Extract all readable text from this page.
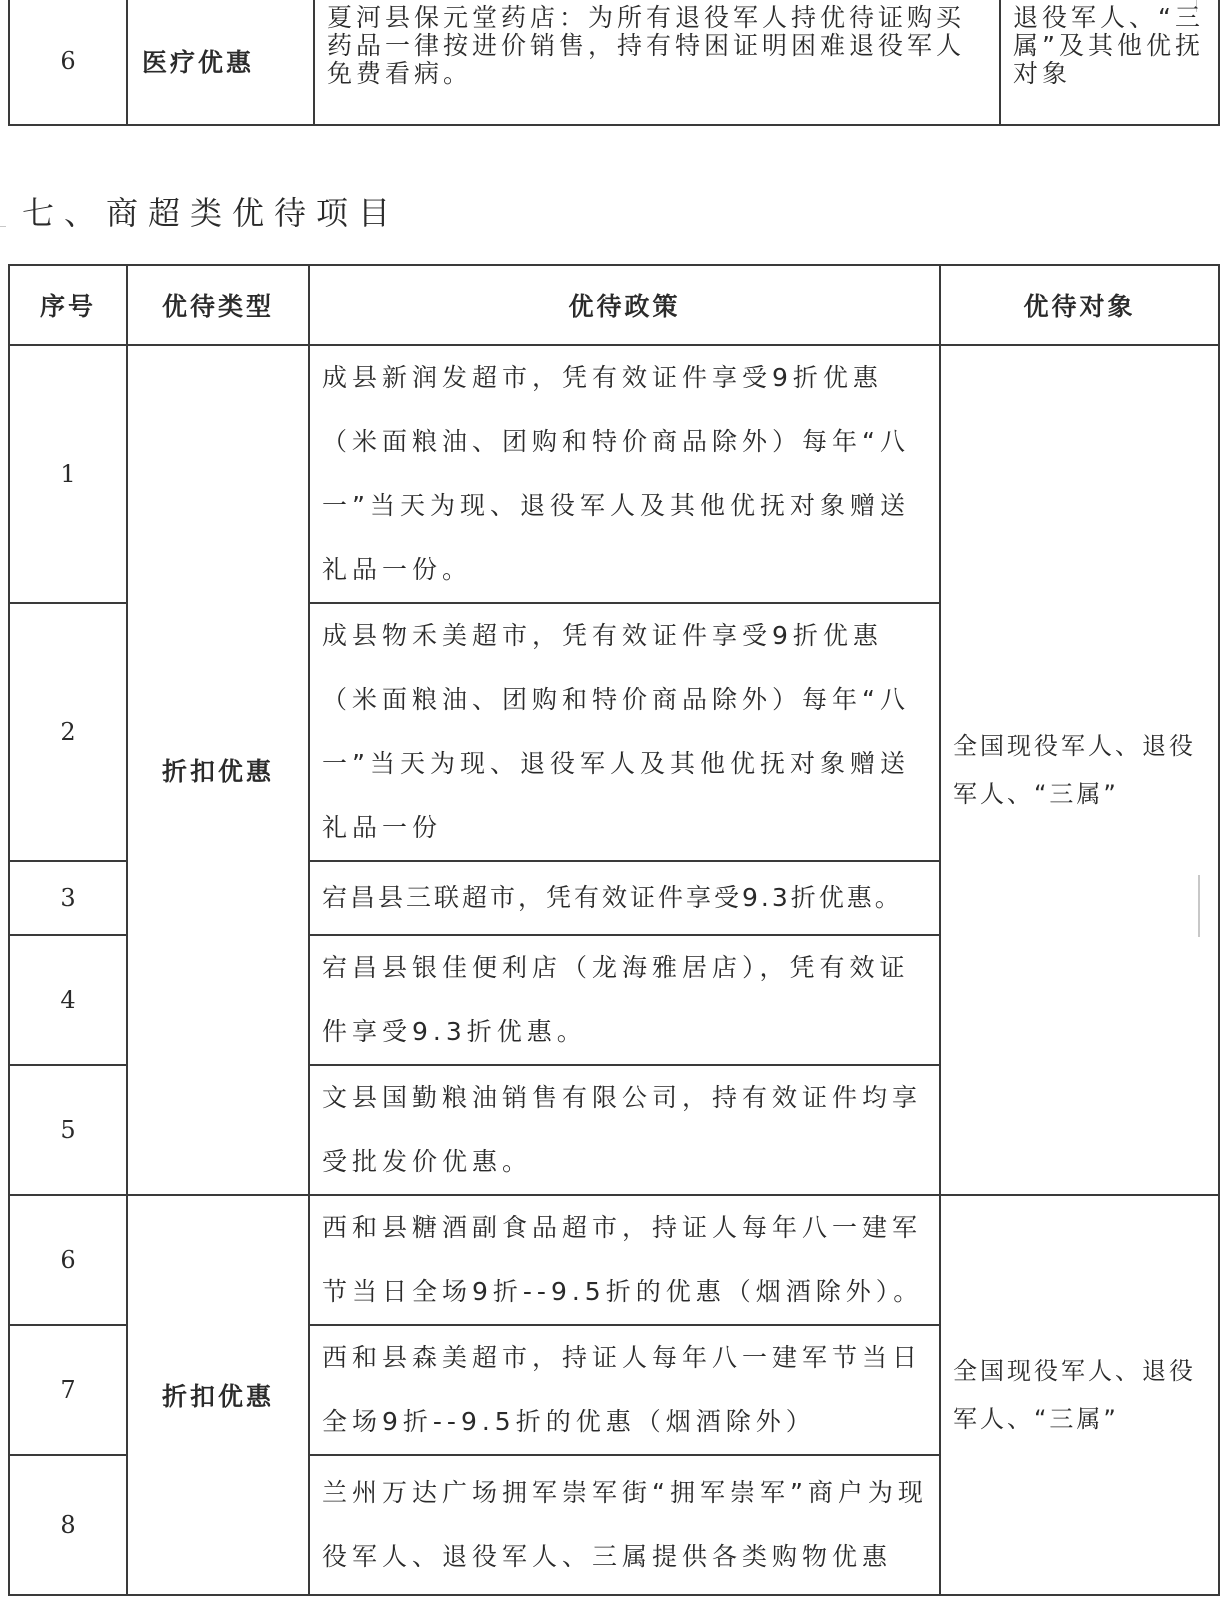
6	医疗优惠	夏河县保元堂药店：为所有退役军人持优待证购买药品一律按进价销售，持有特困证明困难退役军人免费看病。	退役军人、“三属”及其他优抚对象
七、商超类优待项目
序号	优待类型	优待政策	优待对象
1	折扣优惠	成县新润发超市，凭有效证件享受9折优惠（米面粮油、团购和特价商品除外）每年“八一”当天为现、退役军人及其他优抚对象赠送礼品一份。	全国现役军人、退役军人、“三属”
2		成县物禾美超市，凭有效证件享受9折优惠（米面粮油、团购和特价商品除外）每年“八一”当天为现、退役军人及其他优抚对象赠送礼品一份	
3		宕昌县三联超市，凭有效证件享受9.3折优惠。	
4		宕昌县银佳便利店（龙海雅居店），凭有效证件享受9.3折优惠。	
5		文县国勤粮油销售有限公司，持有效证件均享受批发价优惠。	
6	折扣优惠	西和县糖酒副食品超市，持证人每年八一建军节当日全场9折--9.5折的优惠（烟酒除外）。	全国现役军人、退役军人、“三属”
7		西和县森美超市，持证人每年八一建军节当日全场9折--9.5折的优惠（烟酒除外）	
8		兰州万达广场拥军崇军街“拥军崇军”商户为现役军人、退役军人、三属提供各类购物优惠	
